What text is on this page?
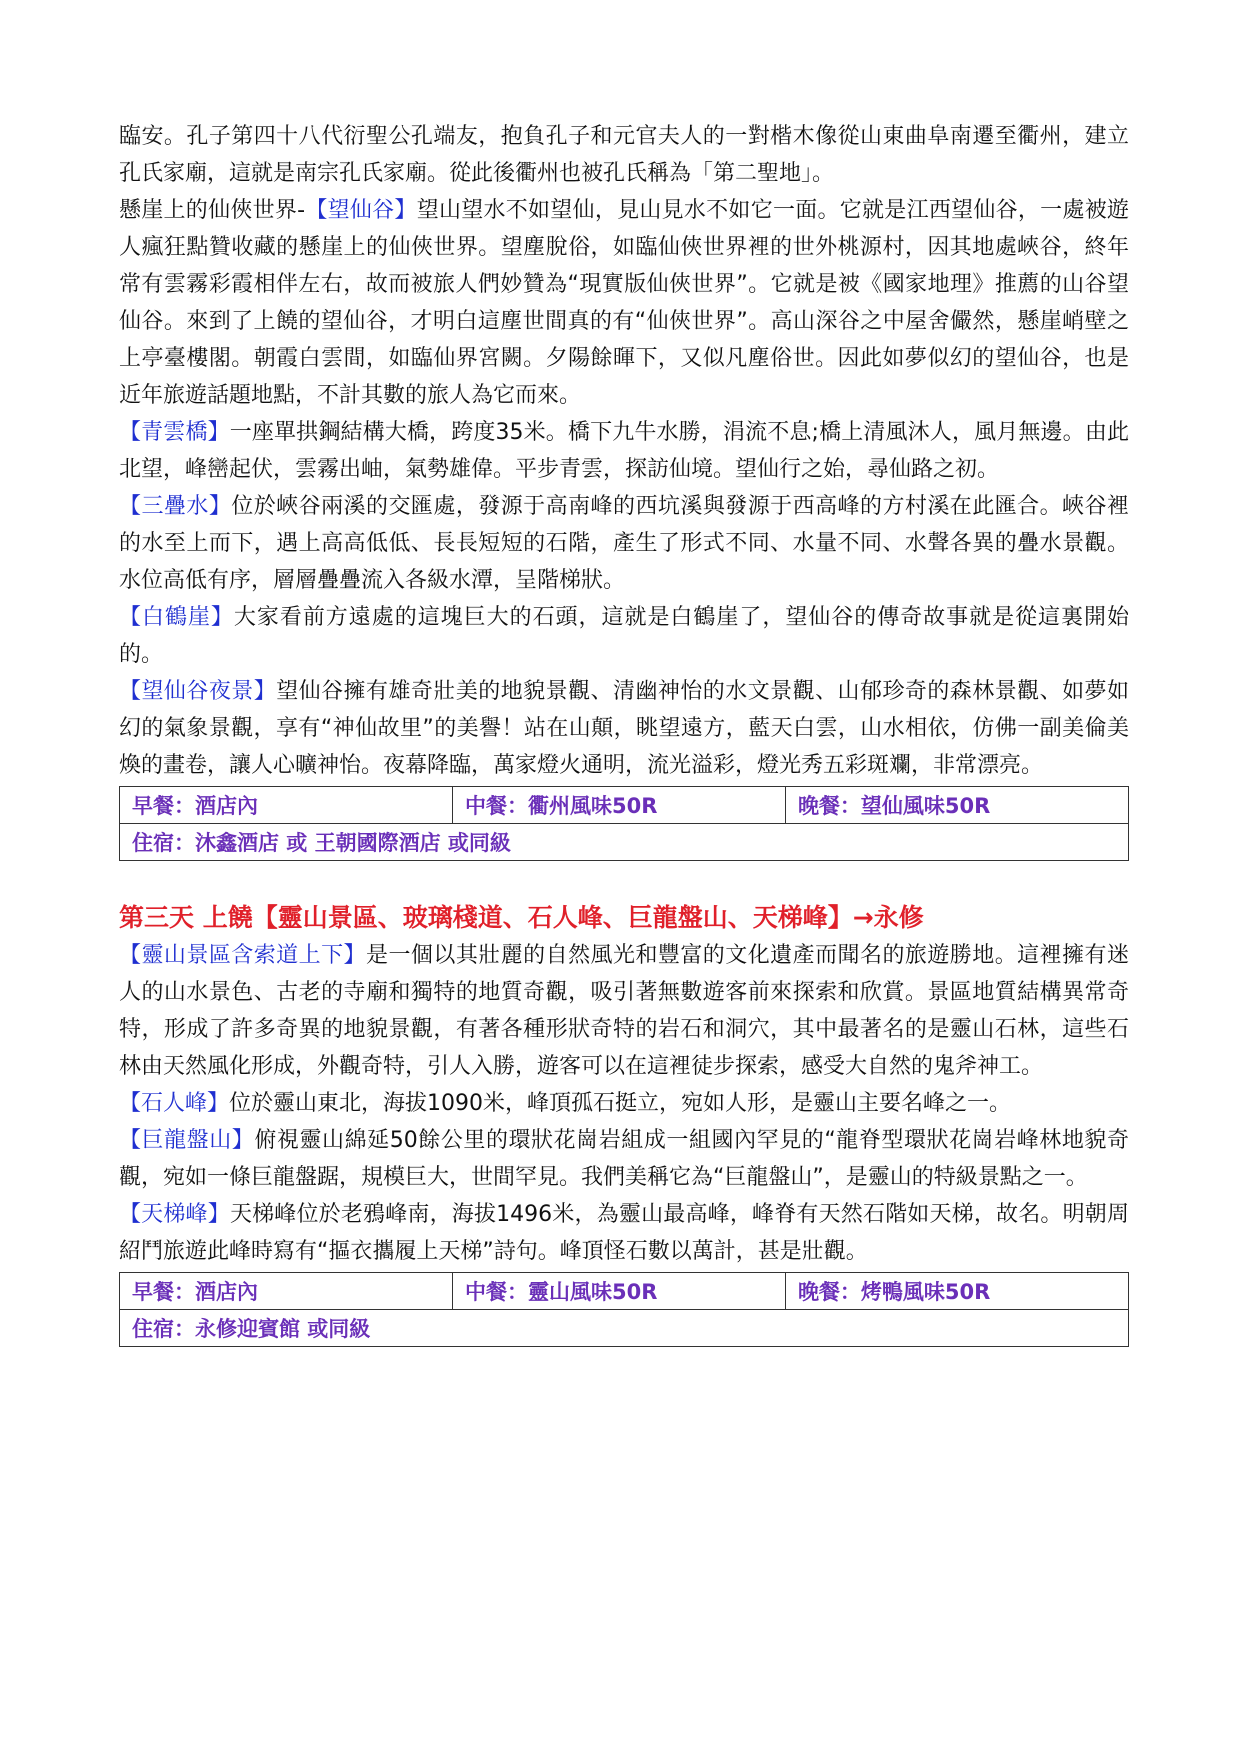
臨安。孔子第四十八代衍聖公孔端友，抱負孔子和元官夫人的一對楷木像從山東曲阜南遷至衢州，建立孔氏家廟，這就是南宗孔氏家廟。從此後衢州也被孔氏稱為「第二聖地」。

懸崖上的仙俠世界-【望仙谷】望山望水不如望仙，見山見水不如它一面。它就是江西望仙谷，一處被遊人瘋狂點贊收藏的懸崖上的仙俠世界。望塵脫俗，如臨仙俠世界裡的世外桃源村，因其地處峽谷，終年常有雲霧彩霞相伴左右，故而被旅人們妙贊為“現實版仙俠世界”。它就是被《國家地理》推薦的山谷望仙谷。來到了上饒的望仙谷，才明白這塵世間真的有“仙俠世界”。高山深谷之中屋舍儼然，懸崖峭壁之上亭臺樓閣。朝霞白雲間，如臨仙界宮闕。夕陽餘暉下，又似凡塵俗世。因此如夢似幻的望仙谷，也是近年旅遊話題地點，不計其數的旅人為它而來。

【青雲橋】一座單拱鋼結構大橋，跨度35米。橋下九牛水勝，涓流不息;橋上清風沐人，風月無邊。由此北望，峰巒起伏，雲霧出岫，氣勢雄偉。平步青雲，探訪仙境。望仙行之始，尋仙路之初。

【三疊水】位於峽谷兩溪的交匯處，發源于高南峰的西坑溪與發源于西高峰的方村溪在此匯合。峽谷裡的水至上而下，遇上高高低低、長長短短的石階，產生了形式不同、水量不同、水聲各異的疊水景觀。水位高低有序，層層疊疊流入各級水潭，呈階梯狀。

【白鶴崖】大家看前方遠處的這塊巨大的石頭，這就是白鶴崖了，望仙谷的傳奇故事就是從這裏開始的。

【望仙谷夜景】望仙谷擁有雄奇壯美的地貌景觀、清幽神怡的水文景觀、山郁珍奇的森林景觀、如夢如幻的氣象景觀，享有“神仙故里”的美譽！站在山顛，眺望遠方，藍天白雲，山水相依，仿佛一副美倫美煥的畫卷，讓人心曠神怡。夜幕降臨，萬家燈火通明，流光溢彩，燈光秀五彩斑斕，非常漂亮。

早餐：酒店內	中餐：衢州風味50R	晚餐：望仙風味50R
住宿：沐鑫酒店 或 王朝國際酒店 或同級
第三天 上饒【靈山景區、玻璃棧道、石人峰、巨龍盤山、天梯峰】→永修

【靈山景區含索道上下】是一個以其壯麗的自然風光和豐富的文化遺產而聞名的旅遊勝地。這裡擁有迷人的山水景色、古老的寺廟和獨特的地質奇觀，吸引著無數遊客前來探索和欣賞。景區地質結構異常奇特，形成了許多奇異的地貌景觀，有著各種形狀奇特的岩石和洞穴，其中最著名的是靈山石林，這些石林由天然風化形成，外觀奇特，引人入勝，遊客可以在這裡徒步探索，感受大自然的鬼斧神工。

【石人峰】位於靈山東北，海拔1090米，峰頂孤石挺立，宛如人形，是靈山主要名峰之一。

【巨龍盤山】俯視靈山綿延50餘公里的環狀花崗岩組成一組國內罕見的“龍脊型環狀花崗岩峰林地貌奇觀，宛如一條巨龍盤踞，規模巨大，世間罕見。我們美稱它為“巨龍盤山”，是靈山的特級景點之一。

【天梯峰】天梯峰位於老鴉峰南，海拔1496米，為靈山最高峰，峰脊有天然石階如天梯，故名。明朝周紹鬥旅遊此峰時寫有“摳衣攜履上天梯”詩句。峰頂怪石數以萬計，甚是壯觀。

早餐：酒店內	中餐：靈山風味50R	晚餐：烤鴨風味50R
住宿：永修迎賓館 或同級
